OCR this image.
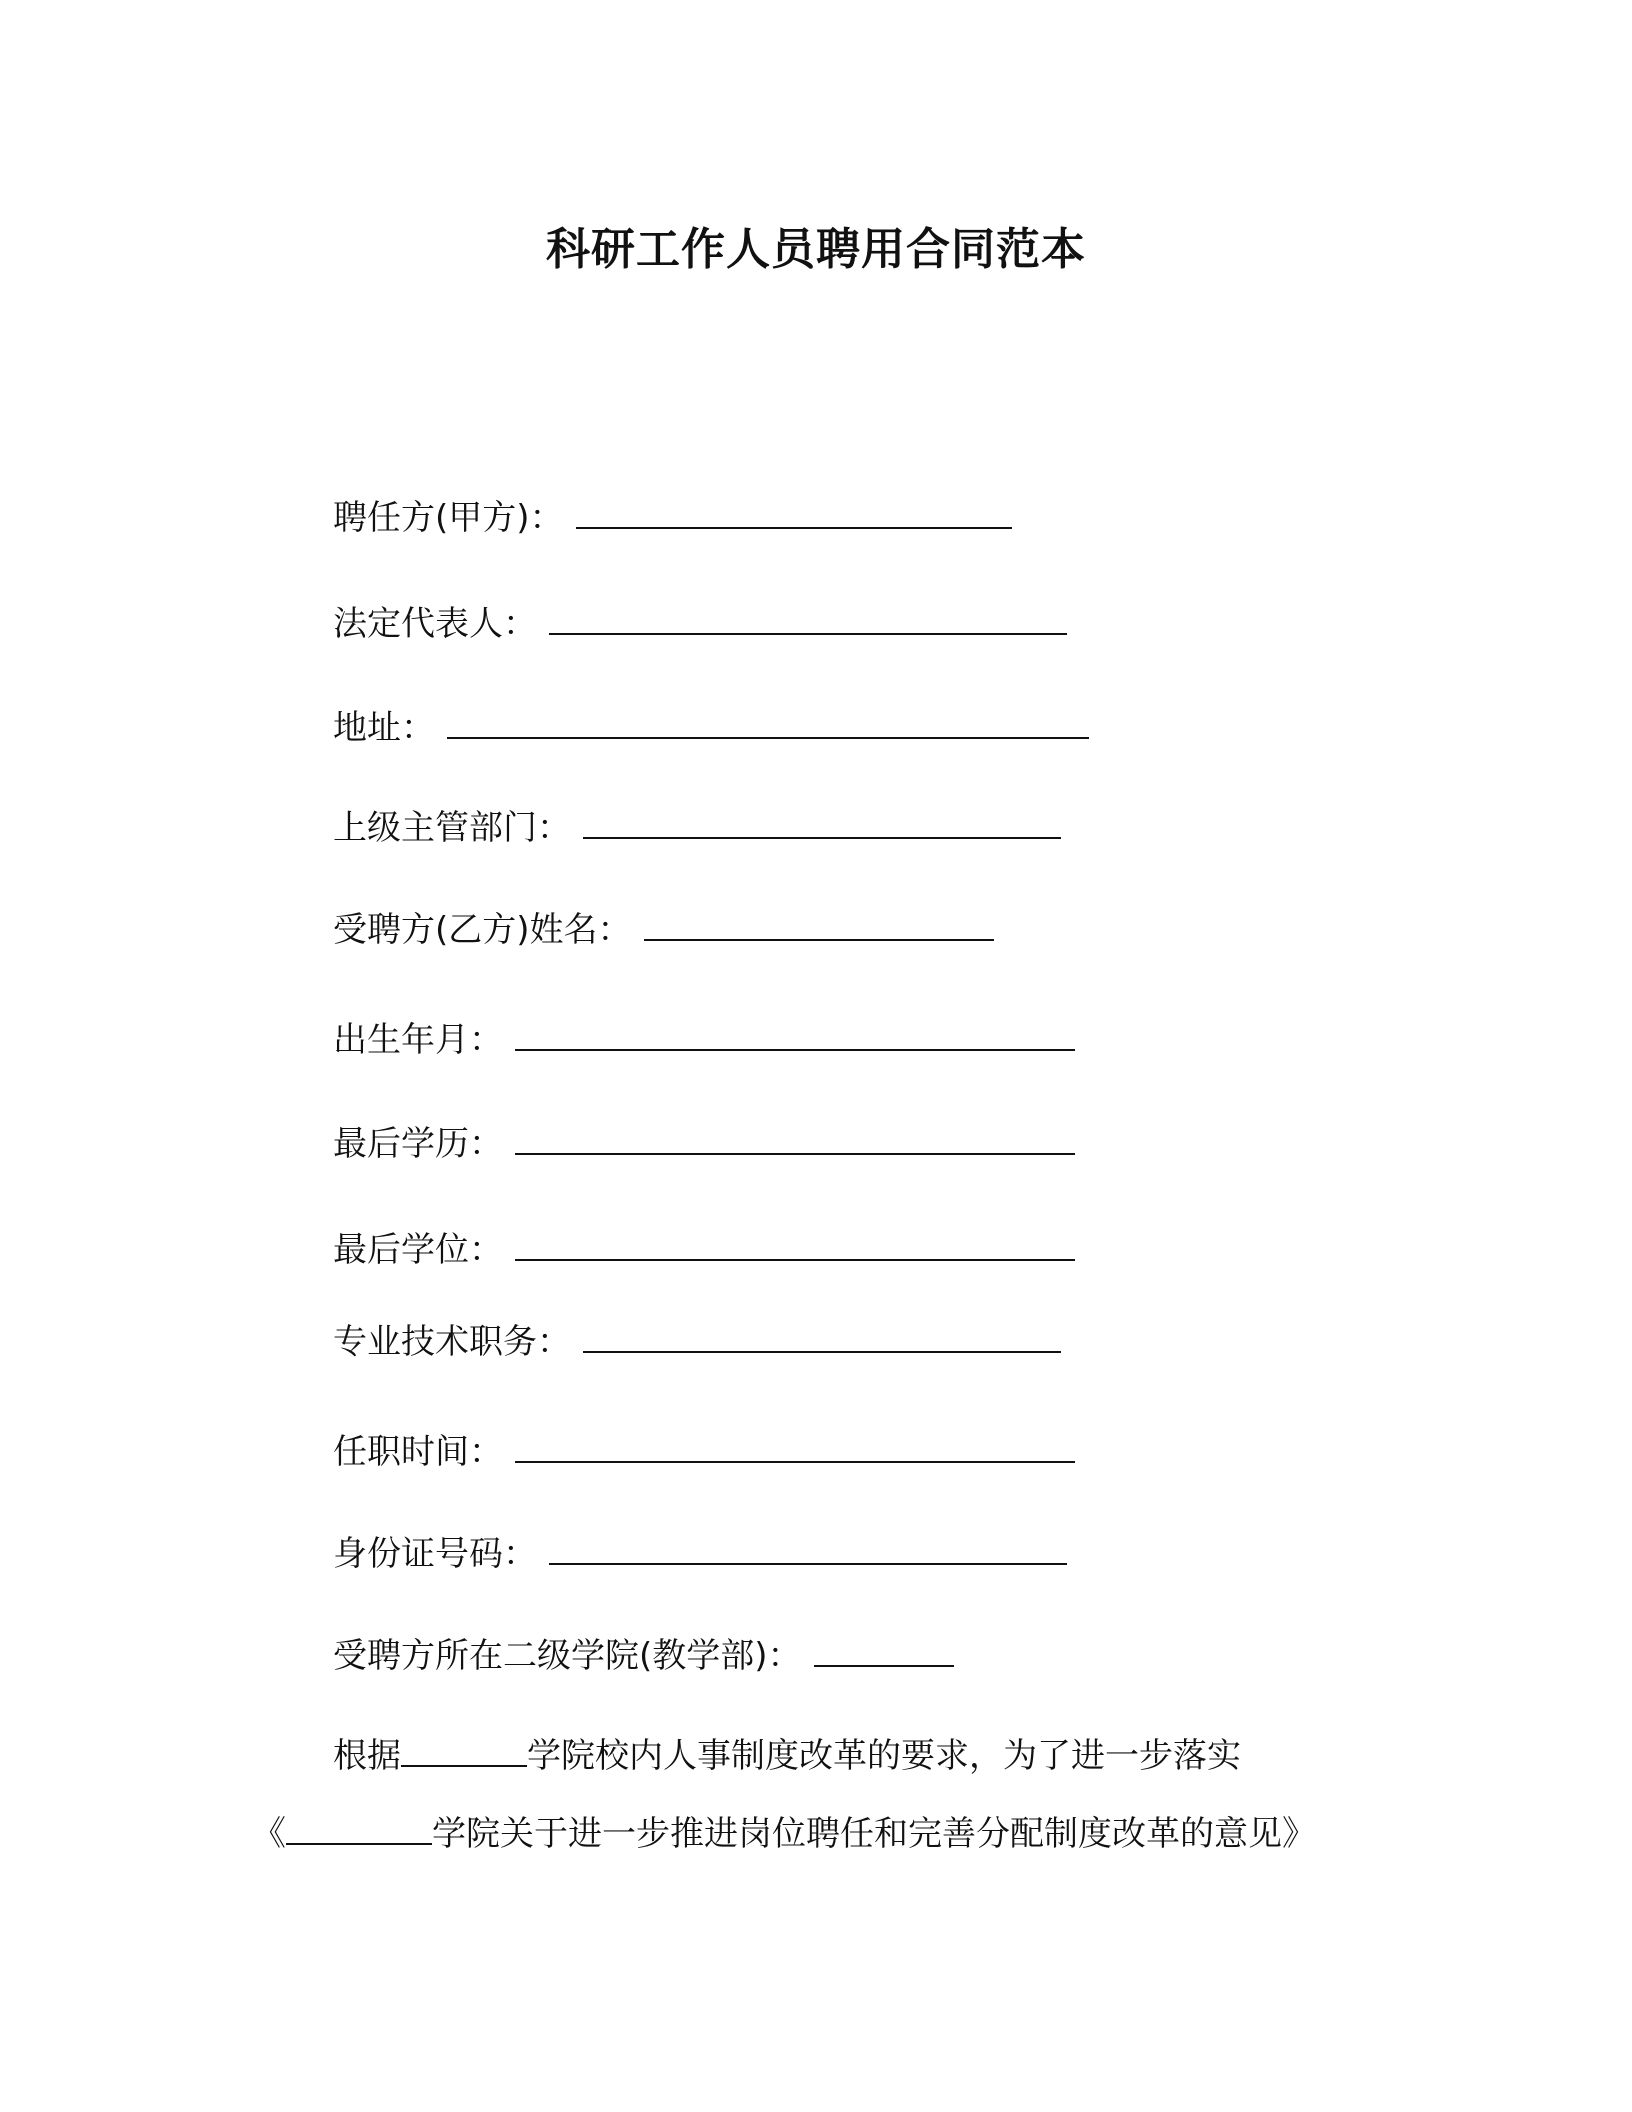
科研工作人员聘用合同范本
聘任方(甲方)：
法定代表人：
地址：
上级主管部门：
受聘方(乙方)姓名：
出生年月：
最后学历：
最后学位：
专业技术职务：
任职时间：
身份证号码：
受聘方所在二级学院(教学部)：
根据	学院校内人事制度改革的要求，为了进一步落实
《	学院关于进一步推进岗位聘任和完善分配制度改革的意见》
